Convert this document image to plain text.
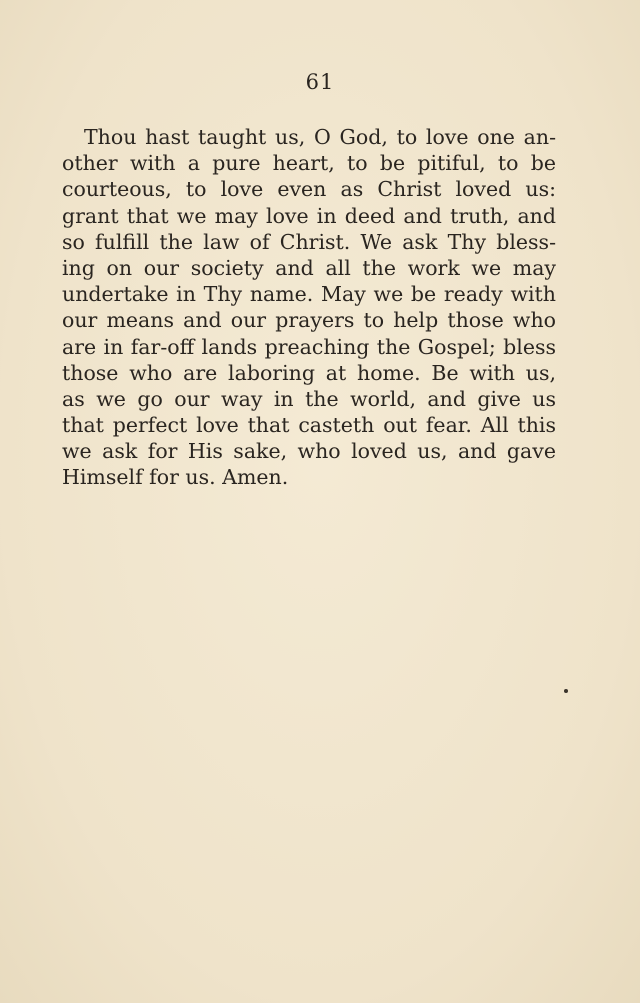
61
Thou hast taught us, O God, to love one an-
other with a pure heart, to be pitiful, to be
courteous, to love even as Christ loved us:
grant that we may love in deed and truth, and
so fulfill the law of Christ. We ask Thy bless-
ing on our society and all the work we may
undertake in Thy name. May we be ready with
our means and our prayers to help those who
are in far-off lands preaching the Gospel; bless
those who are laboring at home. Be with us,
as we go our way in the world, and give us
that perfect love that casteth out fear. All this
we ask for His sake, who loved us, and gave
Himself for us. Amen.
